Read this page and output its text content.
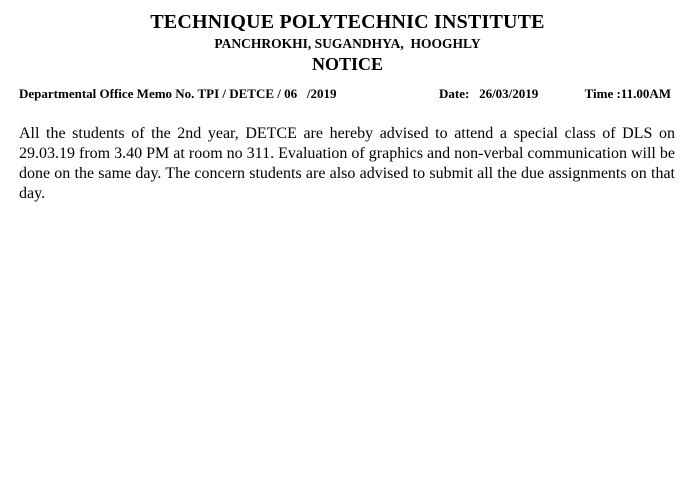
TECHNIQUE POLYTECHNIC INSTITUTE
PANCHROKHI, SUGANDHYA,  HOOGHLY
NOTICE

Departmental Office Memo No. TPI / DETCE / 06   /2019

	Date:   26/03/2019

	Time :11.00AM

All the students of the 2nd year, DETCE are hereby advised to attend a special class of DLS on 29.03.19 from 3.40 PM at room no 311. Evaluation of graphics and non-verbal communication will be done on the same day. The concern students are also advised to submit all the due assignments on that day.
